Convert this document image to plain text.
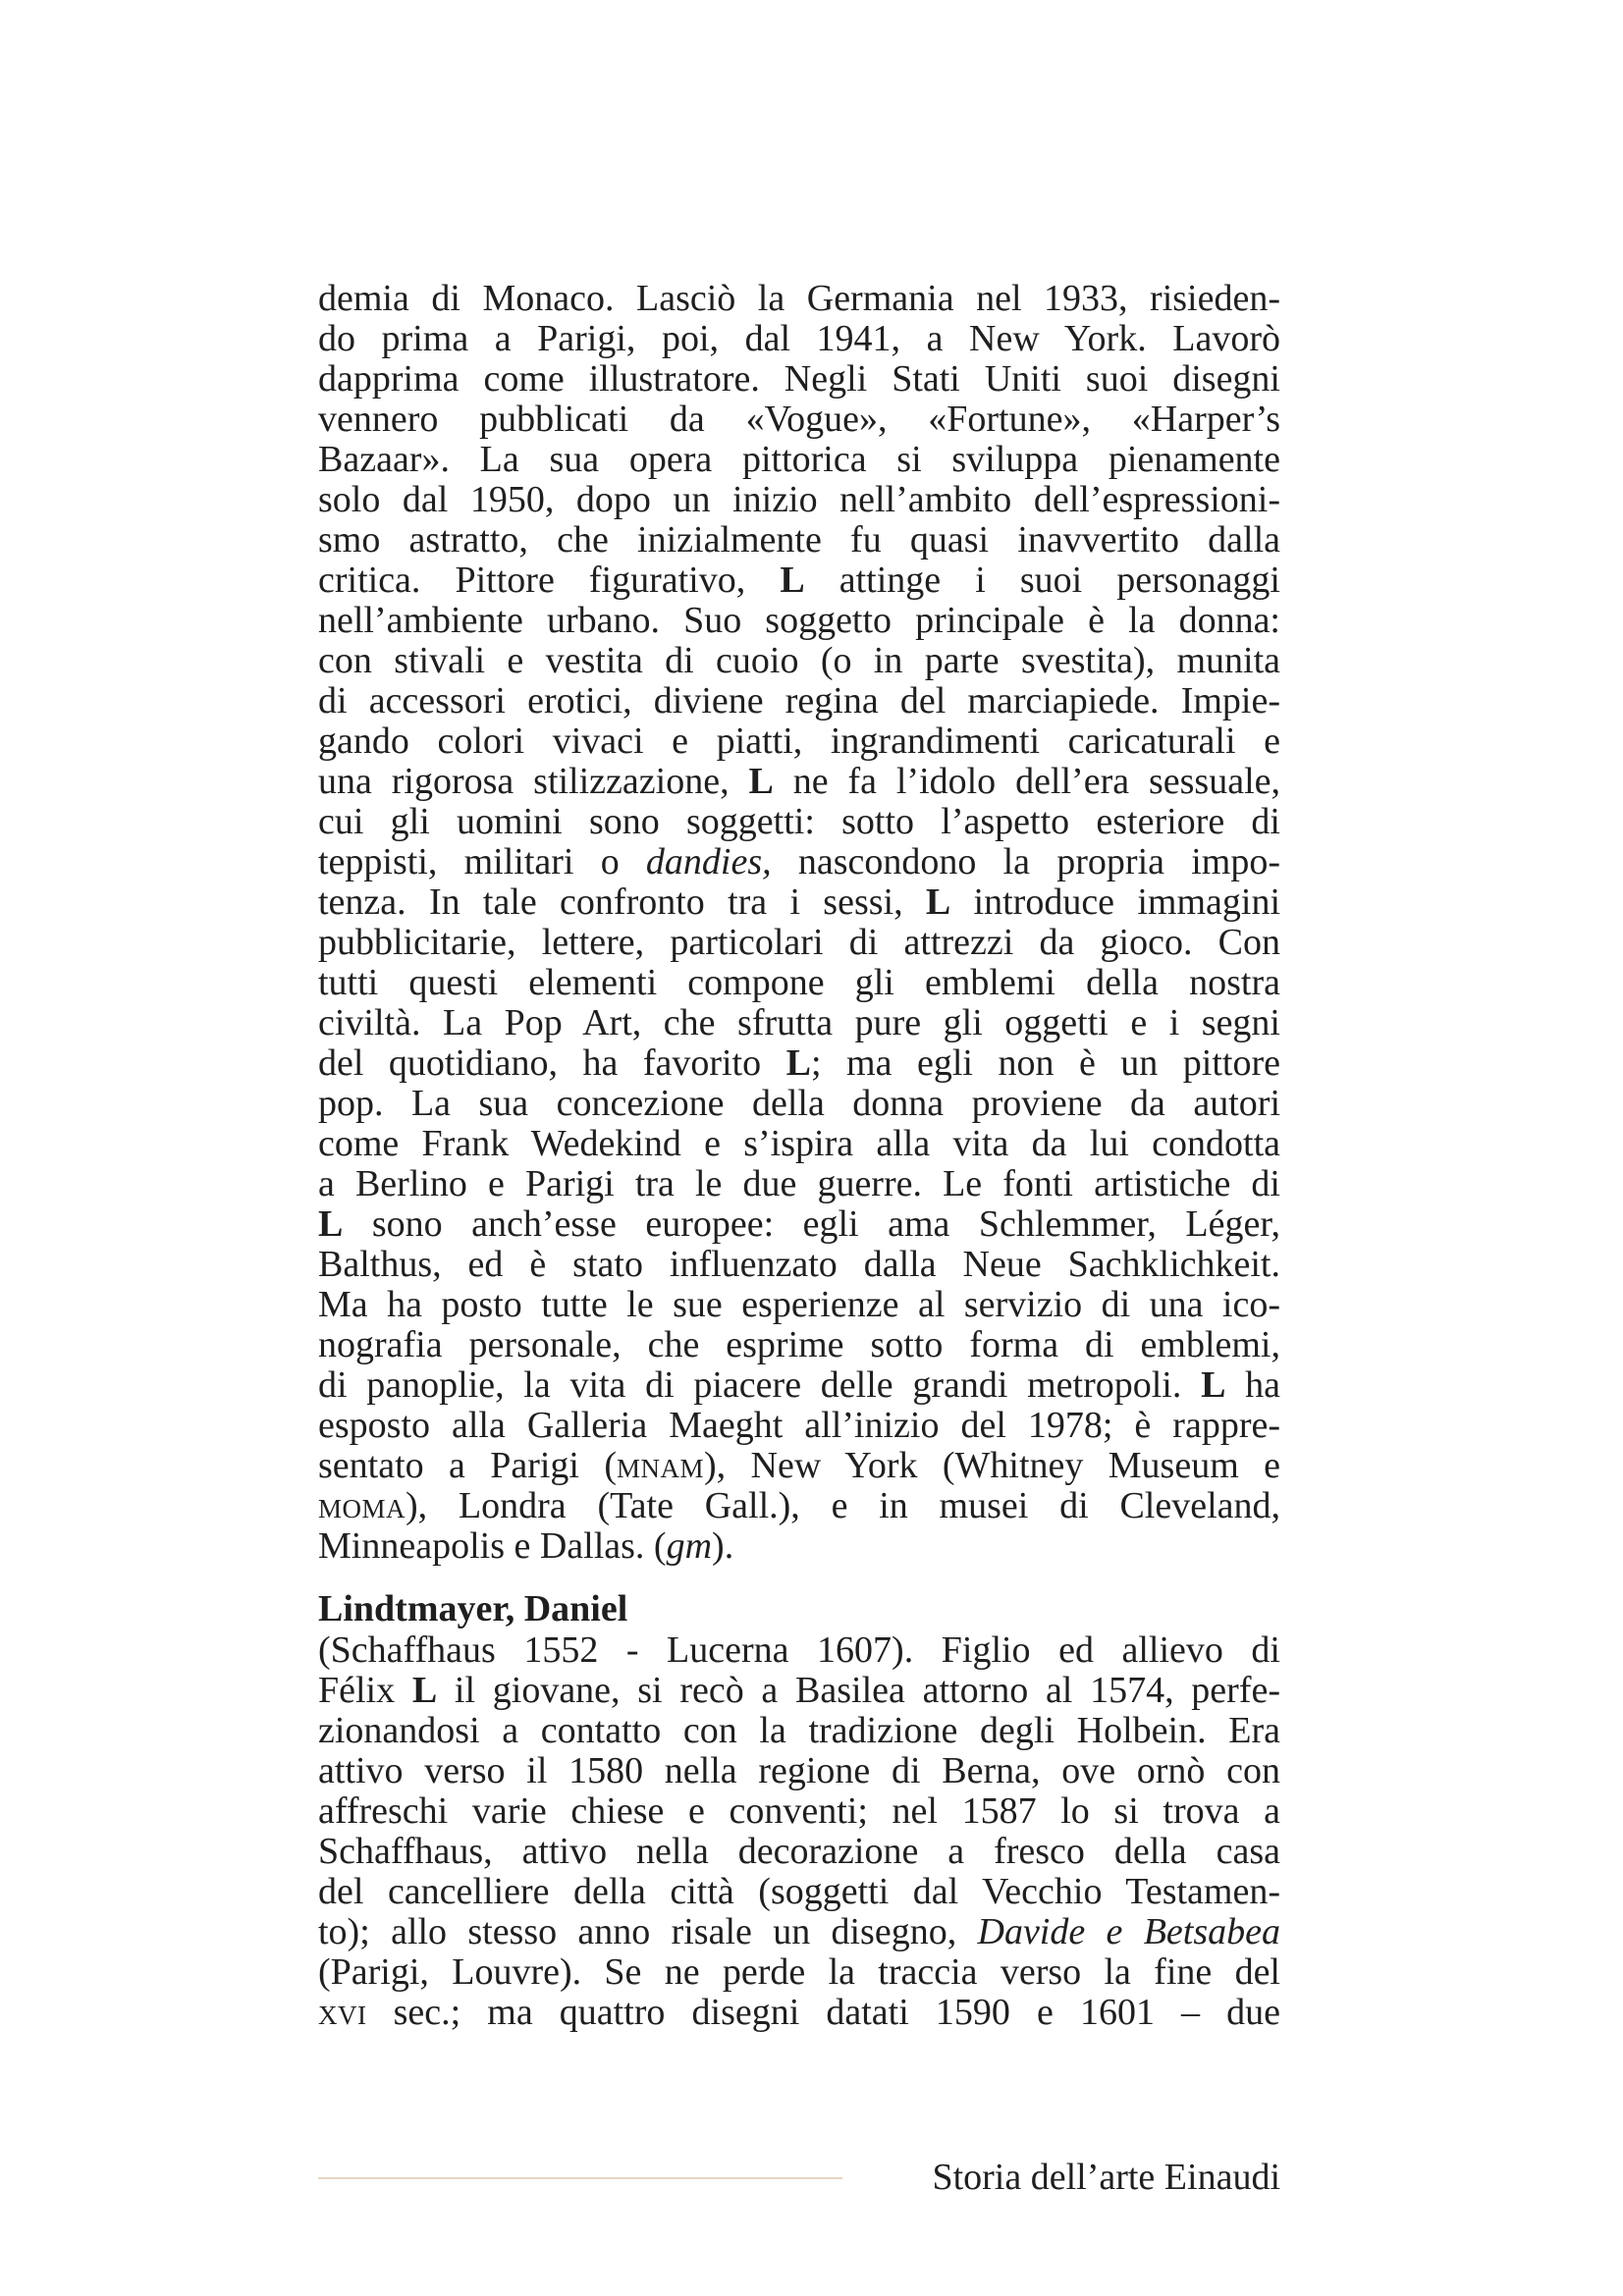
demia di Monaco. Lasciò la Germania nel 1933, risieden-
do prima a Parigi, poi, dal 1941, a New York. Lavorò
dapprima come illustratore. Negli Stati Uniti suoi disegni
vennero pubblicati da «Vogue», «Fortune», «Harper’s
Bazaar». La sua opera pittorica si sviluppa pienamente
solo dal 1950, dopo un inizio nell’ambito dell’espressioni-
smo astratto, che inizialmente fu quasi inavvertito dalla
critica. Pittore figurativo, L attinge i suoi personaggi
nell’ambiente urbano. Suo soggetto principale è la donna:
con stivali e vestita di cuoio (o in parte svestita), munita
di accessori erotici, diviene regina del marciapiede. Impie-
gando colori vivaci e piatti, ingrandimenti caricaturali e
una rigorosa stilizzazione, L ne fa l’idolo dell’era sessuale,
cui gli uomini sono soggetti: sotto l’aspetto esteriore di
teppisti, militari o dandies, nascondono la propria impo-
tenza. In tale confronto tra i sessi, L introduce immagini
pubblicitarie, lettere, particolari di attrezzi da gioco. Con
tutti questi elementi compone gli emblemi della nostra
civiltà. La Pop Art, che sfrutta pure gli oggetti e i segni
del quotidiano, ha favorito L; ma egli non è un pittore
pop. La sua concezione della donna proviene da autori
come Frank Wedekind e s’ispira alla vita da lui condotta
a Berlino e Parigi tra le due guerre. Le fonti artistiche di
L sono anch’esse europee: egli ama Schlemmer, Léger,
Balthus, ed è stato influenzato dalla Neue Sachklichkeit.
Ma ha posto tutte le sue esperienze al servizio di una ico-
nografia personale, che esprime sotto forma di emblemi,
di panoplie, la vita di piacere delle grandi metropoli. L ha
esposto alla Galleria Maeght all’inizio del 1978; è rappre-
sentato a Parigi (mnam), New York (Whitney Museum e
moma), Londra (Tate Gall.), e in musei di Cleveland,
Minneapolis e Dallas. (gm).
Lindtmayer, Daniel
(Schaffhaus 1552 - Lucerna 1607). Figlio ed allievo di
Félix L il giovane, si recò a Basilea attorno al 1574, perfe-
zionandosi a contatto con la tradizione degli Holbein. Era
attivo verso il 1580 nella regione di Berna, ove ornò con
affreschi varie chiese e conventi; nel 1587 lo si trova a
Schaffhaus, attivo nella decorazione a fresco della casa
del cancelliere della città (soggetti dal Vecchio Testamen-
to); allo stesso anno risale un disegno, Davide e Betsabea
(Parigi, Louvre). Se ne perde la traccia verso la fine del
xvi sec.; ma quattro disegni datati 1590 e 1601 – due
Storia dell’arte Einaudi
